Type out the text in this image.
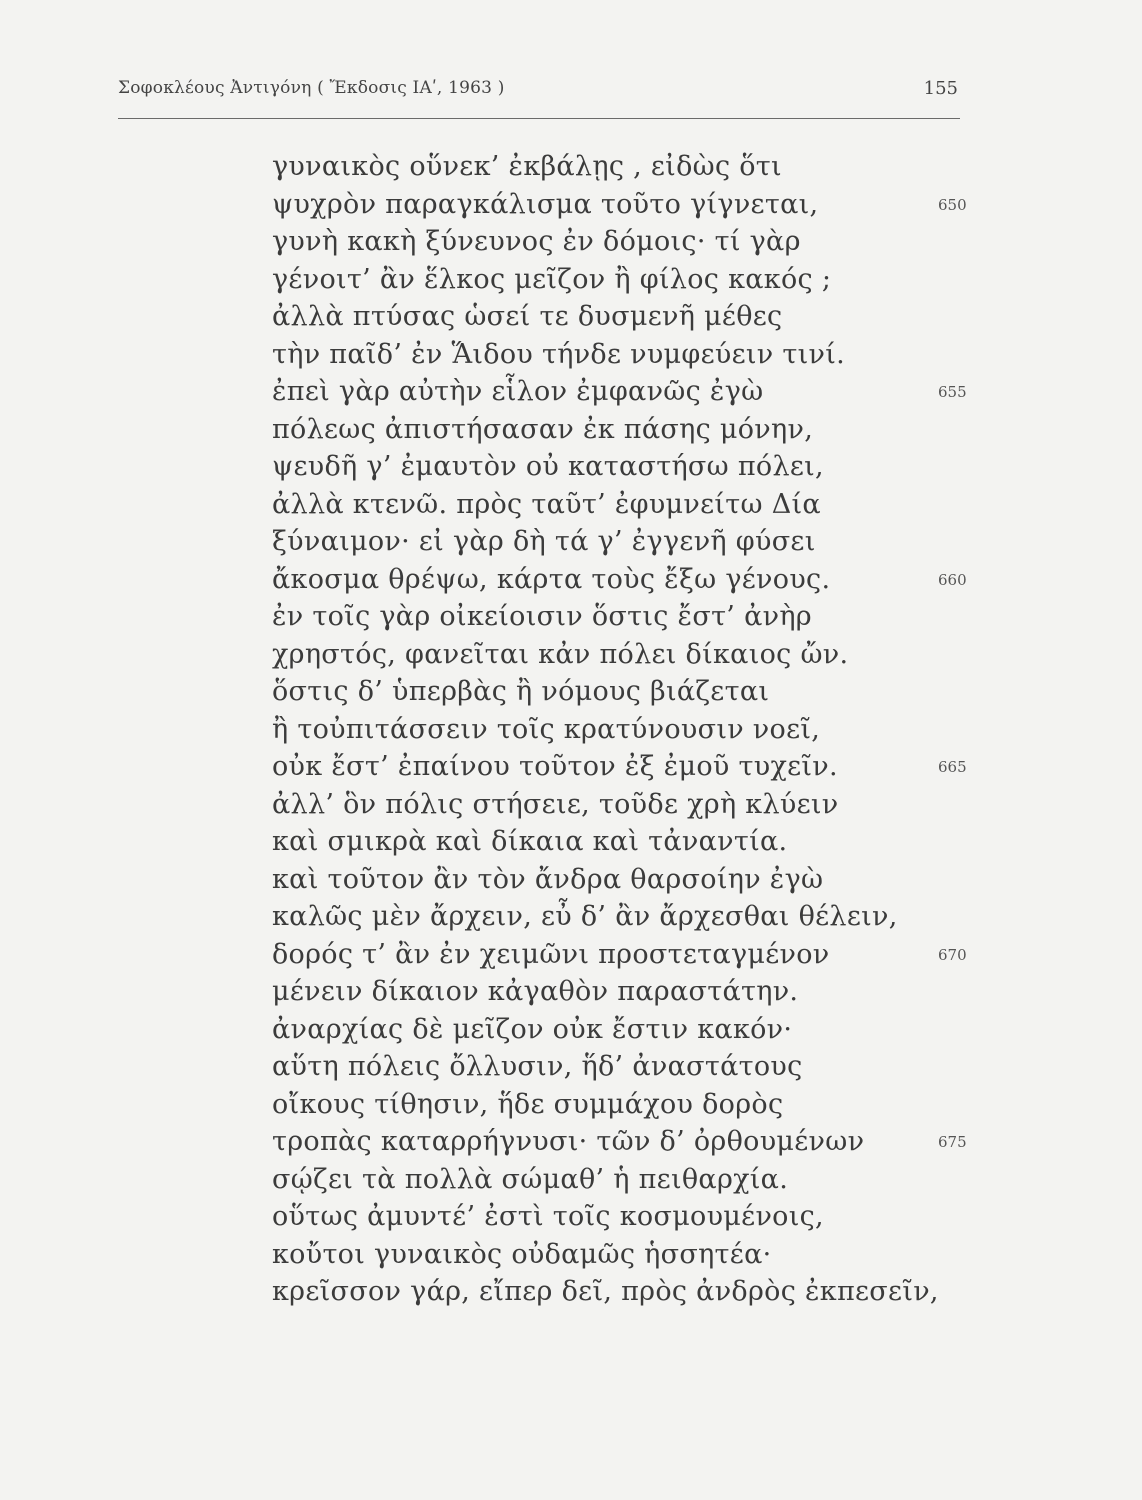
Σοφοκλέους Ἀντιγόνη ( Ἔκδοσις ΙΑʹ, 1963 )	155
γυναικὸς οὕνεκ’ ἐκβάλῃς , εἰδὼς ὅτι
ψυχρὸν παραγκάλισμα τοῦτο γίγνεται,
γυνὴ κακὴ ξύνευνος ἐν δόμοις· τί γὰρ
γένοιτ’ ἂν ἕλκος μεῖζον ἢ φίλος κακός ;
ἀλλὰ πτύσας ὡσεί τε δυσμενῆ μέθες
τὴν παῖδ’ ἐν Ἅιδου τήνδε νυμφεύειν τινί.
ἐπεὶ γὰρ αὐτὴν εἷλον ἐμφανῶς ἐγὼ
πόλεως ἀπιστήσασαν ἐκ πάσης μόνην,
ψευδῆ γ’ ἐμαυτὸν οὐ καταστήσω πόλει,
ἀλλὰ κτενῶ. πρὸς ταῦτ’ ἐφυμνείτω Δία
ξύναιμον· εἰ γὰρ δὴ τά γ’ ἐγγενῆ φύσει
ἄκοσμα θρέψω, κάρτα τοὺς ἔξω γένους.
ἐν τοῖς γὰρ οἰκείοισιν ὅστις ἔστ’ ἀνὴρ
χρηστός, φανεῖται κἀν πόλει δίκαιος ὤν.
ὅστις δ’ ὑπερβὰς ἢ νόμους βιάζεται
ἢ τοὐπιτάσσειν τοῖς κρατύνουσιν νοεῖ,
οὐκ ἔστ’ ἐπαίνου τοῦτον ἐξ ἐμοῦ τυχεῖν.
ἀλλ’ ὃν πόλις στήσειε, τοῦδε χρὴ κλύειν
καὶ σμικρὰ καὶ δίκαια καὶ τἀναντία.
καὶ τοῦτον ἂν τὸν ἄνδρα θαρσοίην ἐγὼ
καλῶς μὲν ἄρχειν, εὖ δ’ ἂν ἄρχεσθαι θέλειν,
δορός τ’ ἂν ἐν χειμῶνι προστεταγμένον
μένειν δίκαιον κἀγαθὸν παραστάτην.
ἀναρχίας δὲ μεῖζον οὐκ ἔστιν κακόν·
αὕτη πόλεις ὄλλυσιν, ἥδ’ ἀναστάτους
οἴκους τίθησιν, ἥδε συμμάχου δορὸς
τροπὰς καταρρήγνυσι· τῶν δ’ ὀρθουμένων
σῴζει τὰ πολλὰ σώμαθ’ ἡ πειθαρχία.
οὕτως ἀμυντέ’ ἐστὶ τοῖς κοσμουμένοις,
κοὔτοι γυναικὸς οὐδαμῶς ἡσσητέα·
κρεῖσσον γάρ, εἴπερ δεῖ, πρὸς ἀνδρὸς ἐκπεσεῖν,
650
655
660
665
670
675
